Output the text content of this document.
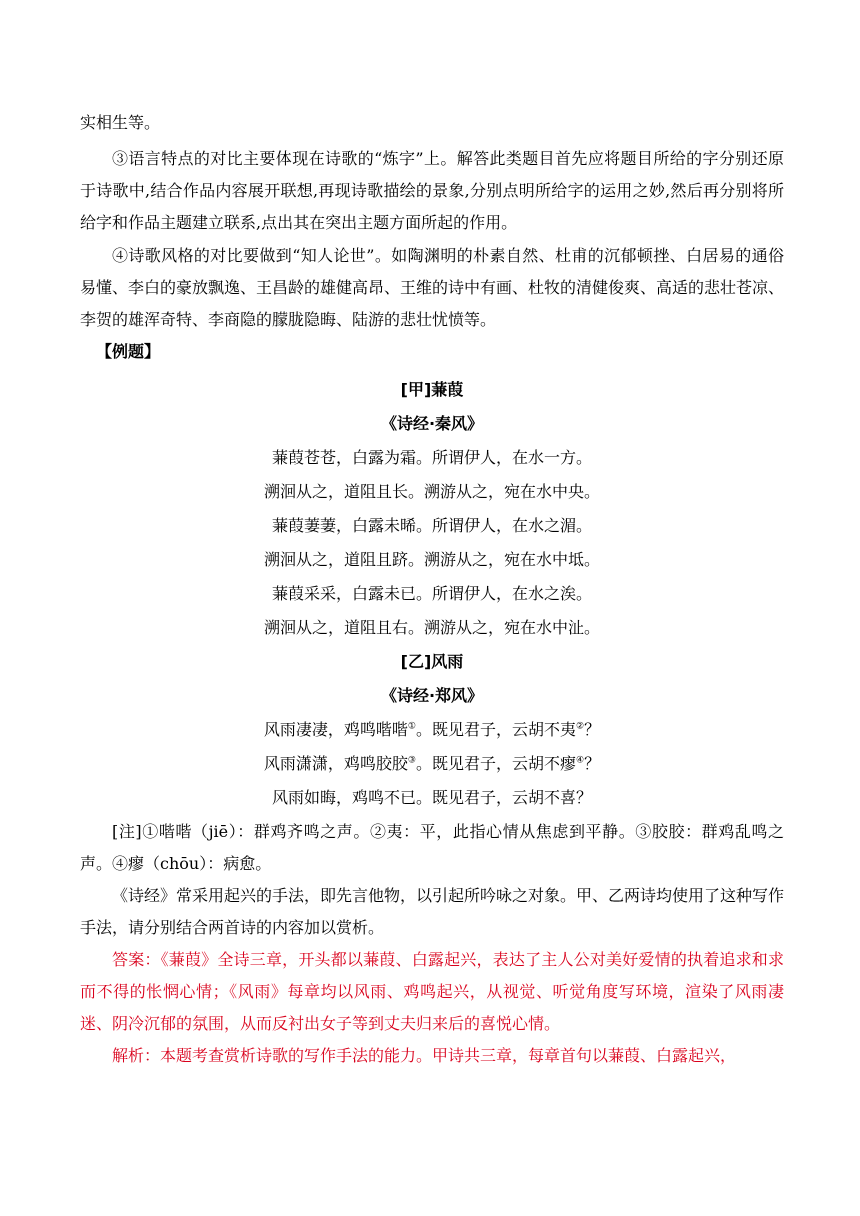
实相生等。

③语言特点的对比主要体现在诗歌的“炼字”上。解答此类题目首先应将题目所给的字分别还原于诗歌中,结合作品内容展开联想,再现诗歌描绘的景象,分别点明所给字的运用之妙,然后再分别将所给字和作品主题建立联系,点出其在突出主题方面所起的作用。

④诗歌风格的对比要做到“知人论世”。如陶渊明的朴素自然、杜甫的沉郁顿挫、白居易的通俗易懂、李白的豪放飘逸、王昌龄的雄健高昂、王维的诗中有画、杜牧的清健俊爽、高适的悲壮苍凉、李贺的雄浑奇特、李商隐的朦胧隐晦、陆游的悲壮忧愤等。

【例题】
[甲]蒹葭
《诗经·秦风》
蒹葭苍苍，白露为霜。所谓伊人，在水一方。
溯洄从之，道阻且长。溯游从之，宛在水中央。
蒹葭萋萋，白露未晞。所谓伊人，在水之湄。
溯洄从之，道阻且跻。溯游从之，宛在水中坻。
蒹葭采采，白露未已。所谓伊人，在水之涘。
溯洄从之，道阻且右。溯游从之，宛在水中沚。
[乙]风雨
《诗经·郑风》
风雨凄凄，鸡鸣喈喈①。既见君子，云胡不夷②？
风雨潇潇，鸡鸣胶胶③。既见君子，云胡不瘳④？
风雨如晦，鸡鸣不已。既见君子，云胡不喜？

[注]①喈喈（jiē）：群鸡齐鸣之声。②夷：平，此指心情从焦虑到平静。③胶胶：群鸡乱鸣之声。④瘳（chōu）：病愈。

《诗经》常采用起兴的手法，即先言他物，以引起所吟咏之对象。甲、乙两诗均使用了这种写作手法，请分别结合两首诗的内容加以赏析。

答案：《蒹葭》全诗三章，开头都以蒹葭、白露起兴，表达了主人公对美好爱情的执着追求和求而不得的怅惘心情；《风雨》每章均以风雨、鸡鸣起兴，从视觉、听觉角度写环境，渲染了风雨凄迷、阴冷沉郁的氛围，从而反衬出女子等到丈夫归来后的喜悦心情。

解析：本题考查赏析诗歌的写作手法的能力。甲诗共三章，每章首句以蒹葭、白露起兴，
